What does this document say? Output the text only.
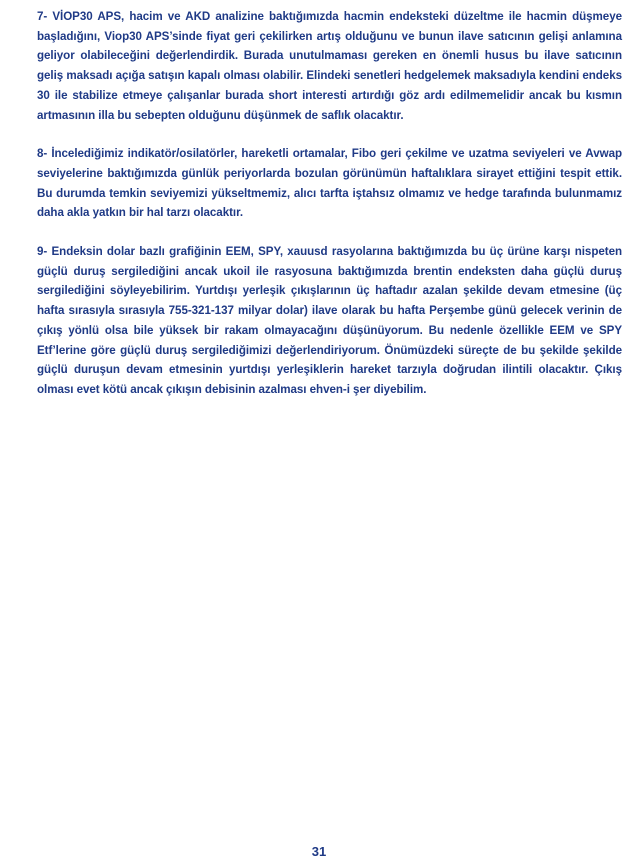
7- VİOP30 APS, hacim ve AKD analizine baktığımızda hacmin endeksteki düzeltme ile hacmin düşmeye başladığını, Viop30 APS’sinde fiyat geri çekilirken artış olduğunu ve bunun ilave satıcının gelişi anlamına geliyor olabileceğini değerlendirdik. Burada unutulmaması gereken en önemli husus bu ilave satıcının geliş maksadı açığa satışın kapalı olması olabilir. Elindeki senetleri hedgelemek maksadıyla kendini endeks 30 ile stabilize etmeye çalışanlar burada short interesti artırdığı göz ardı edilmemelidir ancak bu kısmın artmasının illa bu sebepten olduğunu düşünmek de saflık olacaktır.

8- İncelediğimiz indikatör/osilatörler, hareketli ortamalar, Fibo geri çekilme ve uzatma seviyeleri ve Avwap seviyelerine baktığımızda günlük periyorlarda bozulan görünümün haftalıklara sirayet ettiğini tespit ettik. Bu durumda temkin seviyemizi yükseltmemiz, alıcı tarfta iştahsız olmamız ve hedge tarafında bulunmamız daha akla yatkın bir hal tarzı olacaktır.

9- Endeksin dolar bazlı grafiğinin EEM, SPY, xauusd rasyolarına baktığımızda bu üç ürüne karşı nispeten güçlü duruş sergilediğini ancak ukoil ile rasyosuna baktığımızda brentin endeksten daha güçlü duruş sergilediğini söyleyebilirim. Yurtdışı yerleşik çıkışlarının üç haftadır azalan şekilde devam etmesine (üç hafta sırasıyla sırasıyla 755-321-137 milyar dolar) ilave olarak bu hafta Perşembe günü gelecek verinin de çıkış yönlü olsa bile yüksek bir rakam olmayacağını düşünüyorum. Bu nedenle özellikle EEM ve SPY Etf’lerine göre güçlü duruş sergilediğimizi değerlendiriyorum. Önümüzdeki süreçte de bu şekilde şekilde güçlü duruşun devam etmesinin yurtdışı yerleşiklerin hareket tarzıyla doğrudan ilintili olacaktır. Çıkış olması evet kötü ancak çıkışın debisinin azalması ehven-i şer diyebilim.

31
